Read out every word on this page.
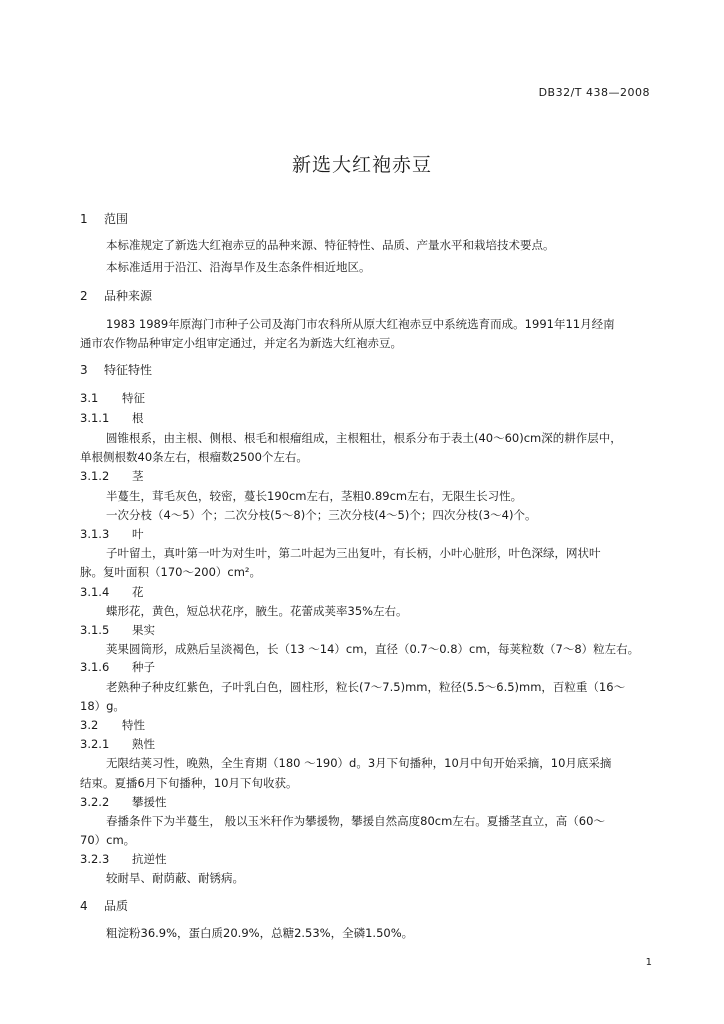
DB32/T 438—2008
新选大红袍赤豆
1 范围
本标准规定了新选大红袍赤豆的品种来源、特征特性、品质、产量水平和栽培技术要点。
本标准适用于沿江、沿海旱作及生态条件相近地区。
2 品种来源
1983 1989年原海门市种子公司及海门市农科所从原大红袍赤豆中系统选育而成。1991年11月经南
通市农作物品种审定小组审定通过，并定名为新选大红袍赤豆。
3 特征特性
3.1 特征
3.1.1 根
圆锥根系，由主根、侧根、根毛和根瘤组成，主根粗壮，根系分布于表土(40～60)cm深的耕作层中，
单根侧根数40条左右，根瘤数2500个左右。
3.1.2 茎
半蔓生，茸毛灰色，较密，蔓长190cm左右，茎粗0.89cm左右，无限生长习性。
一次分枝（4～5）个；二次分枝(5～8)个；三次分枝(4～5)个；四次分枝(3～4)个。
3.1.3 叶
子叶留土，真叶第一叶为对生叶，第二叶起为三出复叶，有长柄，小叶心脏形，叶色深绿，网状叶
脉。复叶面积（170～200）cm²。
3.1.4 花
蝶形花，黄色，短总状花序，腋生。花蕾成荚率35%左右。
3.1.5 果实
荚果圆筒形，成熟后呈淡褐色，长（13 ～14）cm，直径（0.7～0.8）cm，每荚粒数（7～8）粒左右。
3.1.6 种子
老熟种子种皮红紫色，子叶乳白色，圆柱形，粒长(7～7.5)mm，粒径(5.5～6.5)mm，百粒重（16～
18）g。
3.2 特性
3.2.1 熟性
无限结荚习性，晚熟，全生育期（180 ～190）d。3月下旬播种，10月中旬开始采摘，10月底采摘
结束。夏播6月下旬播种，10月下旬收获。
3.2.2 攀援性
春播条件下为半蔓生， 般以玉米秆作为攀援物，攀援自然高度80cm左右。夏播茎直立，高（60～
70）cm。
3.2.3 抗逆性
较耐旱、耐荫蔽、耐锈病。
4 品质
粗淀粉36.9%，蛋白质20.9%，总糖2.53%，全磷1.50%。
1
